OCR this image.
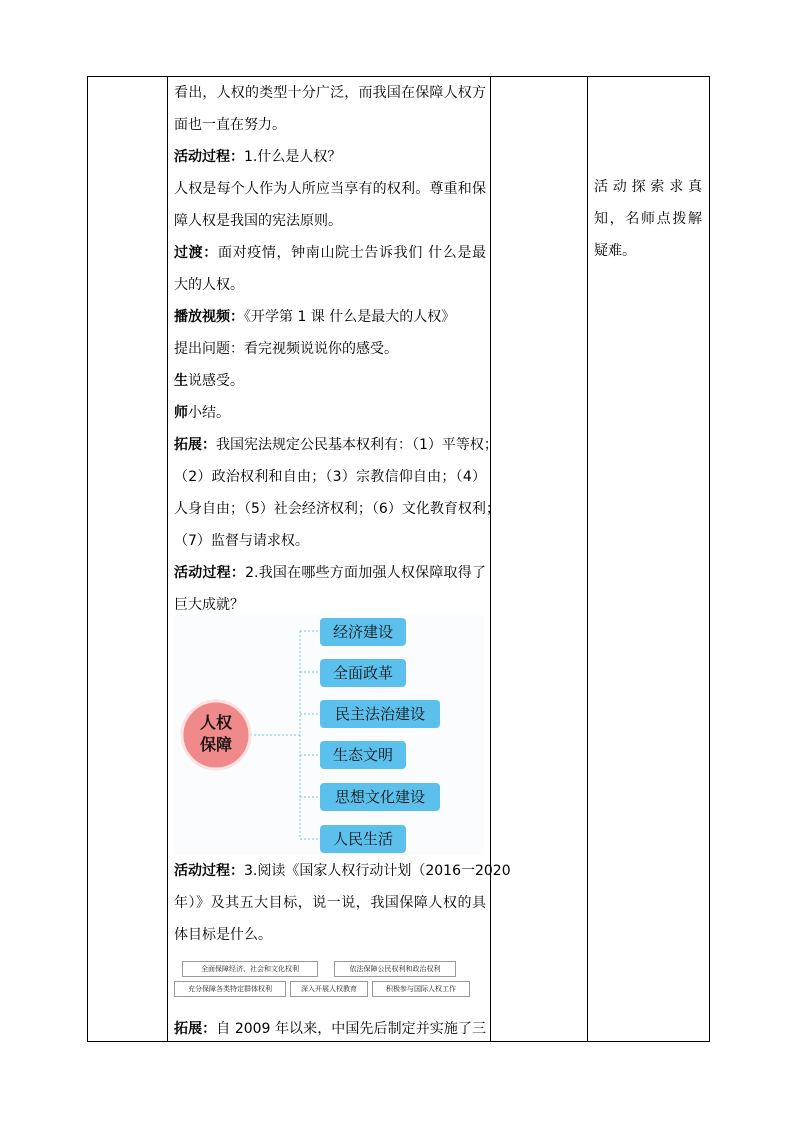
看出，人权的类型十分广泛，而我国在保障人权方
面也一直在努力。
活动过程：1.什么是人权？
人权是每个人作为人所应当享有的权利。尊重和保
障人权是我国的宪法原则。
过渡：面对疫情，钟南山院士告诉我们 什么是最
大的人权。
播放视频：《开学第 1 课 什么是最大的人权》
提出问题：看完视频说说你的感受。
生说感受。
师小结。
拓展：我国宪法规定公民基本权利有：（1）平等权；
（2）政治权利和自由；（3）宗教信仰自由；（4）
人身自由；（5）社会经济权利；（6）文化教育权利；
（7）监督与请求权。
活动过程：2.我国在哪些方面加强人权保障取得了
巨大成就？
人权
保障
经济建设
全面政革
民主法治建设
生态文明
思想文化建设
人民生活
活动过程：3.阅读《国家人权行动计划（2016一2020
年）》及其五大目标，说一说，我国保障人权的具
体目标是什么。
全面保障经济、社会和文化权利	依法保障公民权利和政治权利
充分保障各类特定群体权利	深入开展人权教育	积极参与国际人权工作
拓展：自 2009 年以来，中国先后制定并实施了三

活动探索求真
知，名师点拨解
疑难。
